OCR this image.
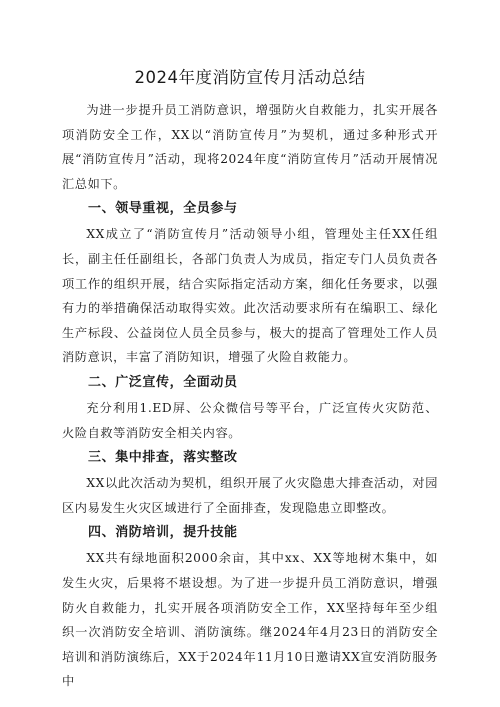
2024年度消防宣传月活动总结

为进一步提升员工消防意识，增强防火自救能力，扎实开展各项消防安全工作，XX以“消防宣传月”为契机，通过多种形式开展“消防宣传月”活动，现将2024年度“消防宣传月”活动开展情况汇总如下。

一、领导重视，全员参与

XX成立了“消防宣传月”活动领导小组，管理处主任XX任组长，副主任任副组长，各部门负责人为成员，指定专门人员负责各项工作的组织开展，结合实际指定活动方案，细化任务要求，以强有力的举措确保活动取得实效。此次活动要求所有在编职工、绿化生产标段、公益岗位人员全员参与，极大的提高了管理处工作人员消防意识，丰富了消防知识，增强了火险自救能力。

二、广泛宣传，全面动员

充分利用1.ED屏、公众微信号等平台，广泛宣传火灾防范、火险自救等消防安全相关内容。

三、集中排查，落实整改

XX以此次活动为契机，组织开展了火灾隐患大排查活动，对园区内易发生火灾区域进行了全面排查，发现隐患立即整改。

四、消防培训，提升技能

XX共有绿地面积2000余亩，其中xx、XX等地树木集中，如发生火灾，后果将不堪设想。为了进一步提升员工消防意识，增强防火自救能力，扎实开展各项消防安全工作，XX坚持每年至少组织一次消防安全培训、消防演练。继2024年4月23日的消防安全培训和消防演练后，XX于2024年11月10日邀请XX宣安消防服务中
